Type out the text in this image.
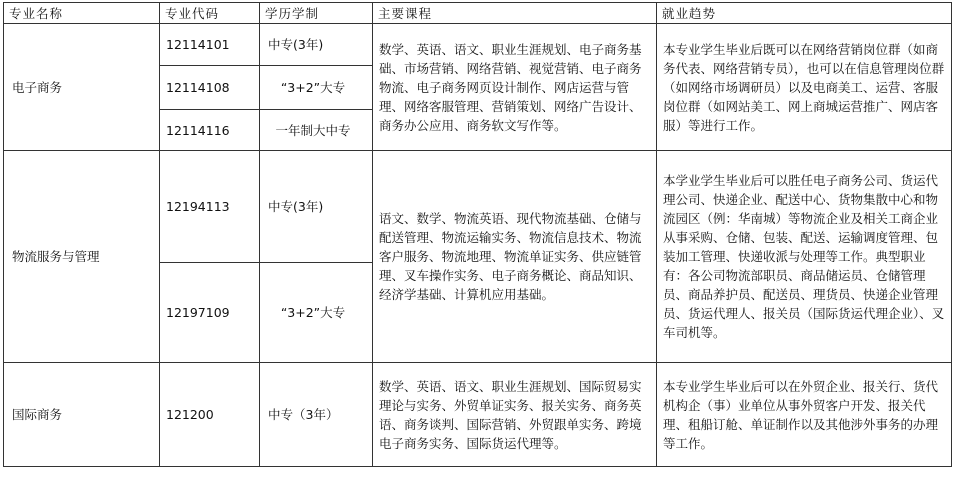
专业名称	专业代码	学历学制	主要课程	就业趋势
电子商务	12114101	中专(3年)	数学、英语、语文、职业生涯规划、电子商务基础、市场营销、网络营销、视觉营销、电子商务物流、电子商务网页设计制作、网店运营与管理、网络客服管理、营销策划、网络广告设计、商务办公应用、商务软文写作等。	本专业学生毕业后既可以在网络营销岗位群（如商务代表、网络营销专员），也可以在信息管理岗位群（如网络市场调研员）以及电商美工、运营、客服岗位群（如网站美工、网上商城运营推广、网店客服）等进行工作。
	12114108	“3+2”大专		
	12114116	一年制大中专		
物流服务与管理	12194113	中专(3年)	语文、数学、物流英语、现代物流基础、仓储与配送管理、物流运输实务、物流信息技术、物流客户服务、物流地理、物流单证实务、供应链管理、叉车操作实务、电子商务概论、商品知识、经济学基础、计算机应用基础。	本学业学生毕业后可以胜任电子商务公司、货运代理公司、快递企业、配送中心、货物集散中心和物流园区（例：华南城）等物流企业及相关工商企业从事采购、仓储、包装、配送、运输调度管理、包装加工管理、快递收派与处理等工作。典型职业有：各公司物流部职员、商品储运员、仓储管理员、商品养护员、配送员、理货员、快递企业管理员、货运代理人、报关员（国际货运代理企业）、叉车司机等。
	12197109	“3+2”大专		
国际商务	121200	中专（3年）	数学、英语、语文、职业生涯规划、国际贸易实理论与实务、外贸单证实务、报关实务、商务英语、商务谈判、国际营销、外贸跟单实务、跨境电子商务实务、国际货运代理等。	本专业学生毕业后可以在外贸企业、报关行、货代机构企（事）业单位从事外贸客户开发、报关代理、租船订舱、单证制作以及其他涉外事务的办理等工作。
